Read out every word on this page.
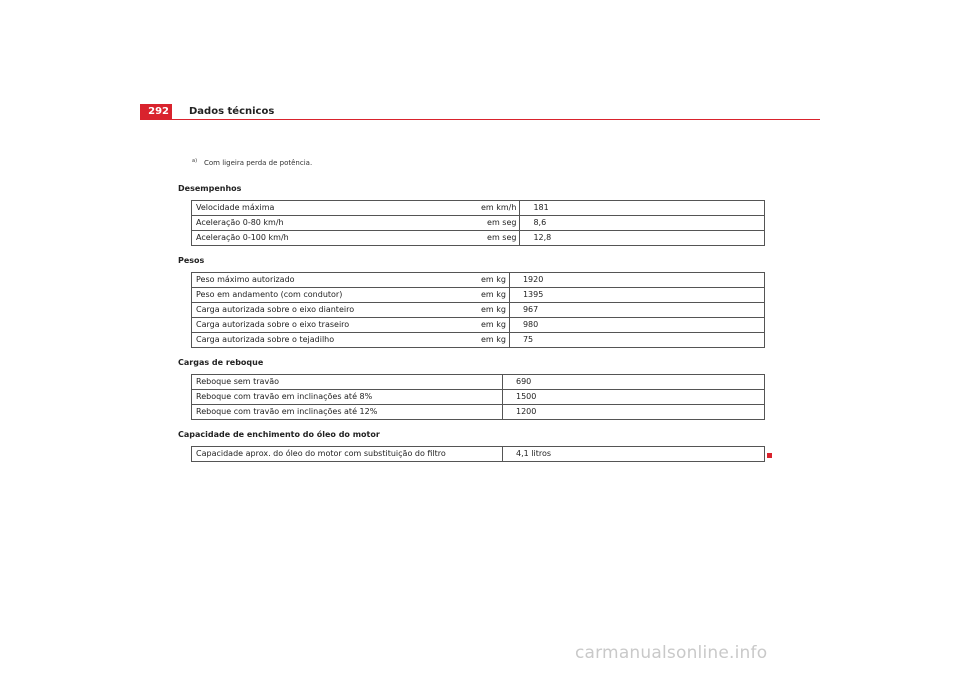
292	Dados técnicos
$^{a)}$ Com ligeira perda de potência.
Desempenhos
Velocidade máxima	em km/h	181
Aceleração 0-80 km/h	em seg	8,6
Aceleração 0-100 km/h	em seg	12,8
Pesos
Peso máximo autorizado	em kg	1920
Peso em andamento (com condutor)	em kg	1395
Carga autorizada sobre o eixo dianteiro	em kg	967
Carga autorizada sobre o eixo traseiro	em kg	980
Carga autorizada sobre o tejadilho	em kg	75
Cargas de reboque
Reboque sem travão	690
Reboque com travão em inclinações até 8%	1500
Reboque com travão em inclinações até 12%	1200
Capacidade de enchimento do óleo do motor
Capacidade aprox. do óleo do motor com substituição do filtro	4,1 litros
carmanualsonline.info
